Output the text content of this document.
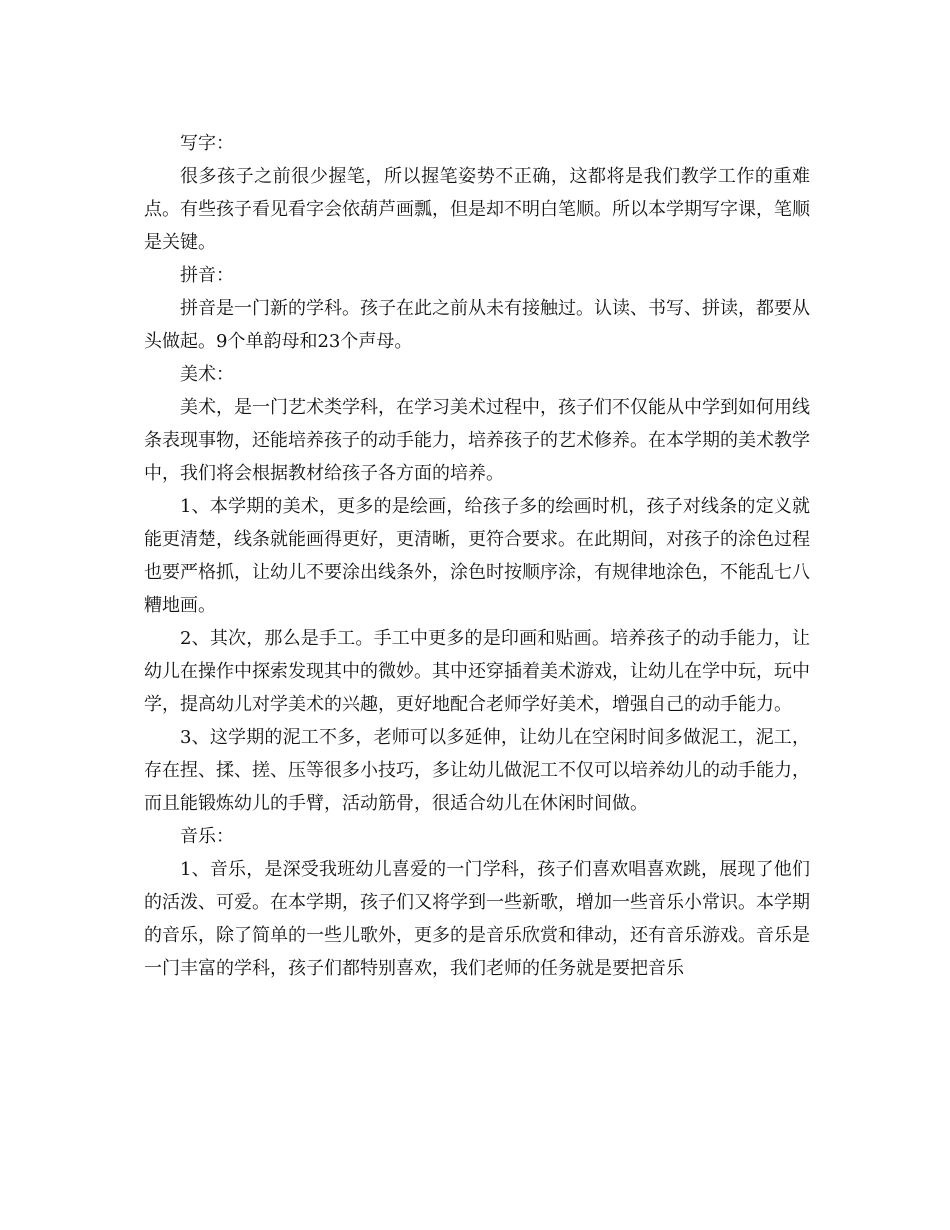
写字：

很多孩子之前很少握笔，所以握笔姿势不正确，这都将是我们教学工作的重难点。有些孩子看见看字会依葫芦画瓢，但是却不明白笔顺。所以本学期写字课，笔顺是关键。

拼音：

拼音是一门新的学科。孩子在此之前从未有接触过。认读、书写、拼读，都要从头做起。9个单韵母和23个声母。

美术：

美术，是一门艺术类学科，在学习美术过程中，孩子们不仅能从中学到如何用线条表现事物，还能培养孩子的动手能力，培养孩子的艺术修养。在本学期的美术教学中，我们将会根据教材给孩子各方面的培养。

1、本学期的美术，更多的是绘画，给孩子多的绘画时机，孩子对线条的定义就能更清楚，线条就能画得更好，更清晰，更符合要求。在此期间，对孩子的涂色过程也要严格抓，让幼儿不要涂出线条外，涂色时按顺序涂，有规律地涂色，不能乱七八糟地画。

2、其次，那么是手工。手工中更多的是印画和贴画。培养孩子的动手能力，让幼儿在操作中探索发现其中的微妙。其中还穿插着美术游戏，让幼儿在学中玩，玩中学，提高幼儿对学美术的兴趣，更好地配合老师学好美术，增强自己的动手能力。

3、这学期的泥工不多，老师可以多延伸，让幼儿在空闲时间多做泥工，泥工，存在捏、揉、搓、压等很多小技巧，多让幼儿做泥工不仅可以培养幼儿的动手能力，而且能锻炼幼儿的手臂，活动筋骨，很适合幼儿在休闲时间做。

音乐：

1、音乐，是深受我班幼儿喜爱的一门学科，孩子们喜欢唱喜欢跳，展现了他们的活泼、可爱。在本学期，孩子们又将学到一些新歌，增加一些音乐小常识。本学期的音乐，除了简单的一些儿歌外，更多的是音乐欣赏和律动，还有音乐游戏。音乐是一门丰富的学科，孩子们都特别喜欢，我们老师的任务就是要把音乐
